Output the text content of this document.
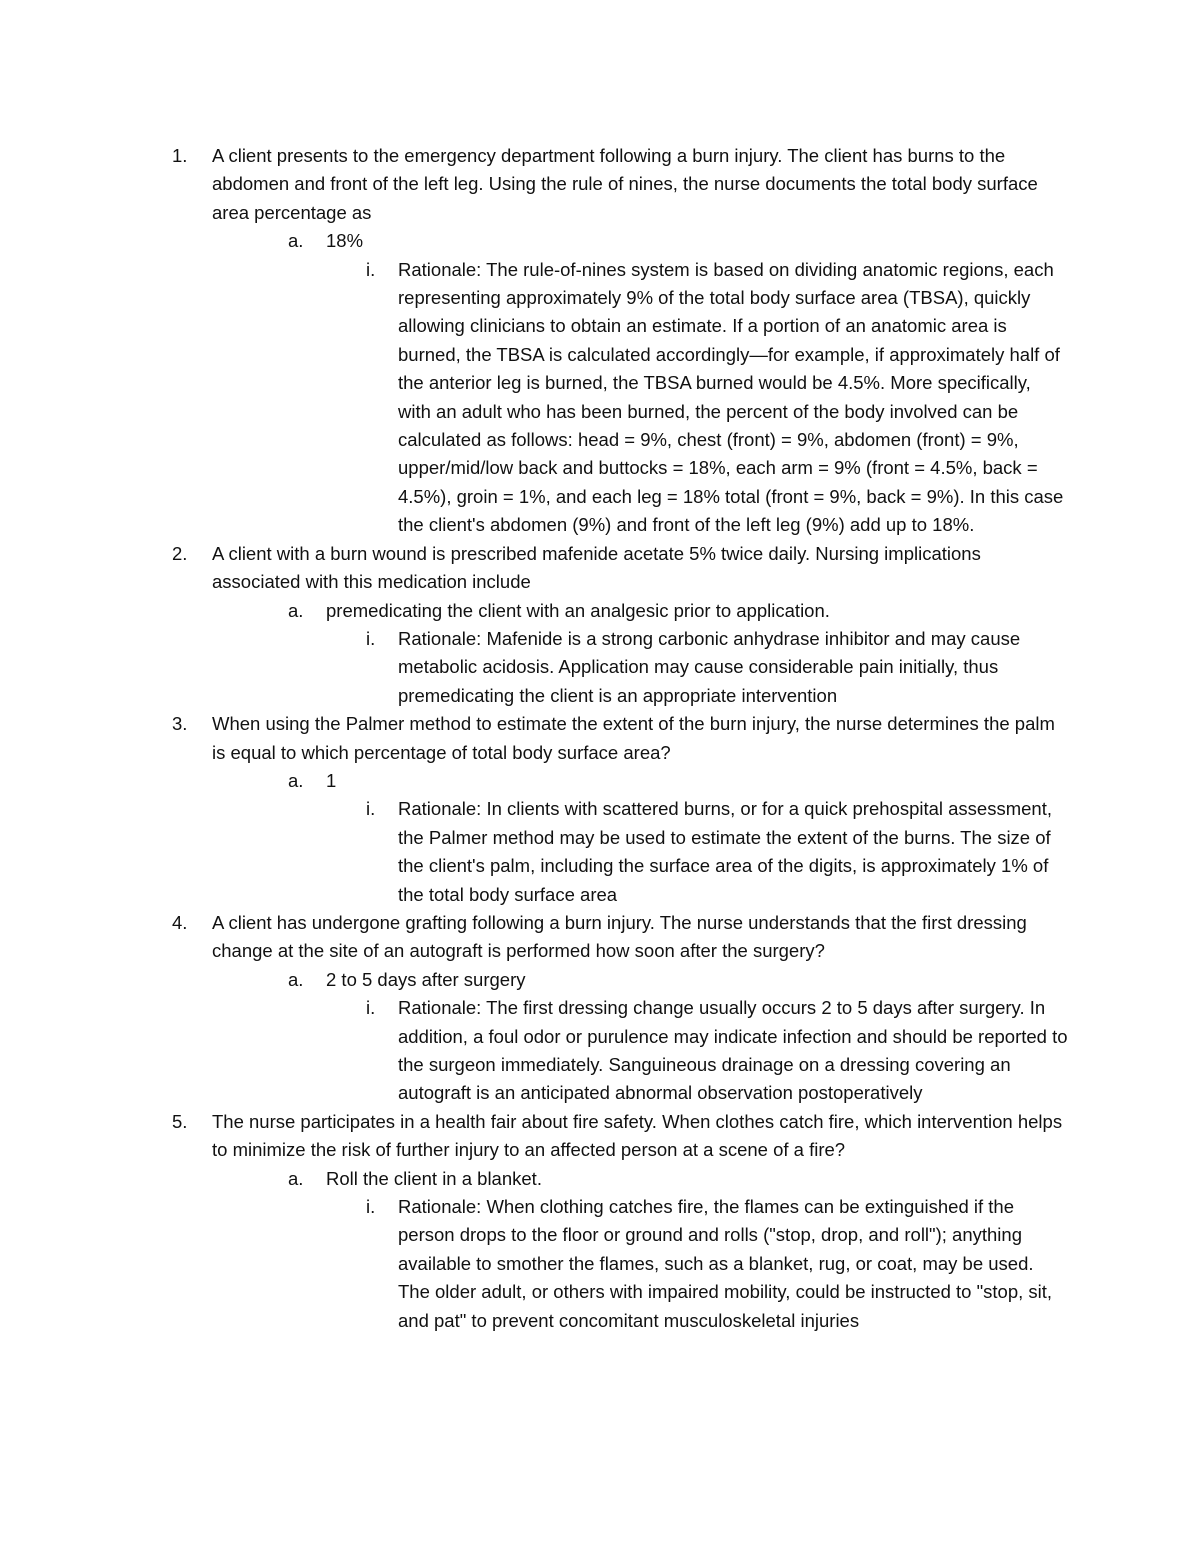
1. A client presents to the emergency department following a burn injury. The client has burns to the abdomen and front of the left leg. Using the rule of nines, the nurse documents the total body surface area percentage as
a. 18%
i. Rationale: The rule-of-nines system is based on dividing anatomic regions, each representing approximately 9% of the total body surface area (TBSA), quickly allowing clinicians to obtain an estimate. If a portion of an anatomic area is burned, the TBSA is calculated accordingly—for example, if approximately half of the anterior leg is burned, the TBSA burned would be 4.5%. More specifically, with an adult who has been burned, the percent of the body involved can be calculated as follows: head = 9%, chest (front) = 9%, abdomen (front) = 9%, upper/mid/low back and buttocks = 18%, each arm = 9% (front = 4.5%, back = 4.5%), groin = 1%, and each leg = 18% total (front = 9%, back = 9%). In this case the client's abdomen (9%) and front of the left leg (9%) add up to 18%.
2. A client with a burn wound is prescribed mafenide acetate 5% twice daily. Nursing implications associated with this medication include
a. premedicating the client with an analgesic prior to application.
i. Rationale: Mafenide is a strong carbonic anhydrase inhibitor and may cause metabolic acidosis. Application may cause considerable pain initially, thus premedicating the client is an appropriate intervention
3. When using the Palmer method to estimate the extent of the burn injury, the nurse determines the palm is equal to which percentage of total body surface area?
a. 1
i. Rationale: In clients with scattered burns, or for a quick prehospital assessment, the Palmer method may be used to estimate the extent of the burns. The size of the client's palm, including the surface area of the digits, is approximately 1% of the total body surface area
4. A client has undergone grafting following a burn injury. The nurse understands that the first dressing change at the site of an autograft is performed how soon after the surgery?
a. 2 to 5 days after surgery
i. Rationale: The first dressing change usually occurs 2 to 5 days after surgery. In addition, a foul odor or purulence may indicate infection and should be reported to the surgeon immediately. Sanguineous drainage on a dressing covering an autograft is an anticipated abnormal observation postoperatively
5. The nurse participates in a health fair about fire safety. When clothes catch fire, which intervention helps to minimize the risk of further injury to an affected person at a scene of a fire?
a. Roll the client in a blanket.
i. Rationale: When clothing catches fire, the flames can be extinguished if the person drops to the floor or ground and rolls ("stop, drop, and roll"); anything available to smother the flames, such as a blanket, rug, or coat, may be used. The older adult, or others with impaired mobility, could be instructed to "stop, sit, and pat" to prevent concomitant musculoskeletal injuries
